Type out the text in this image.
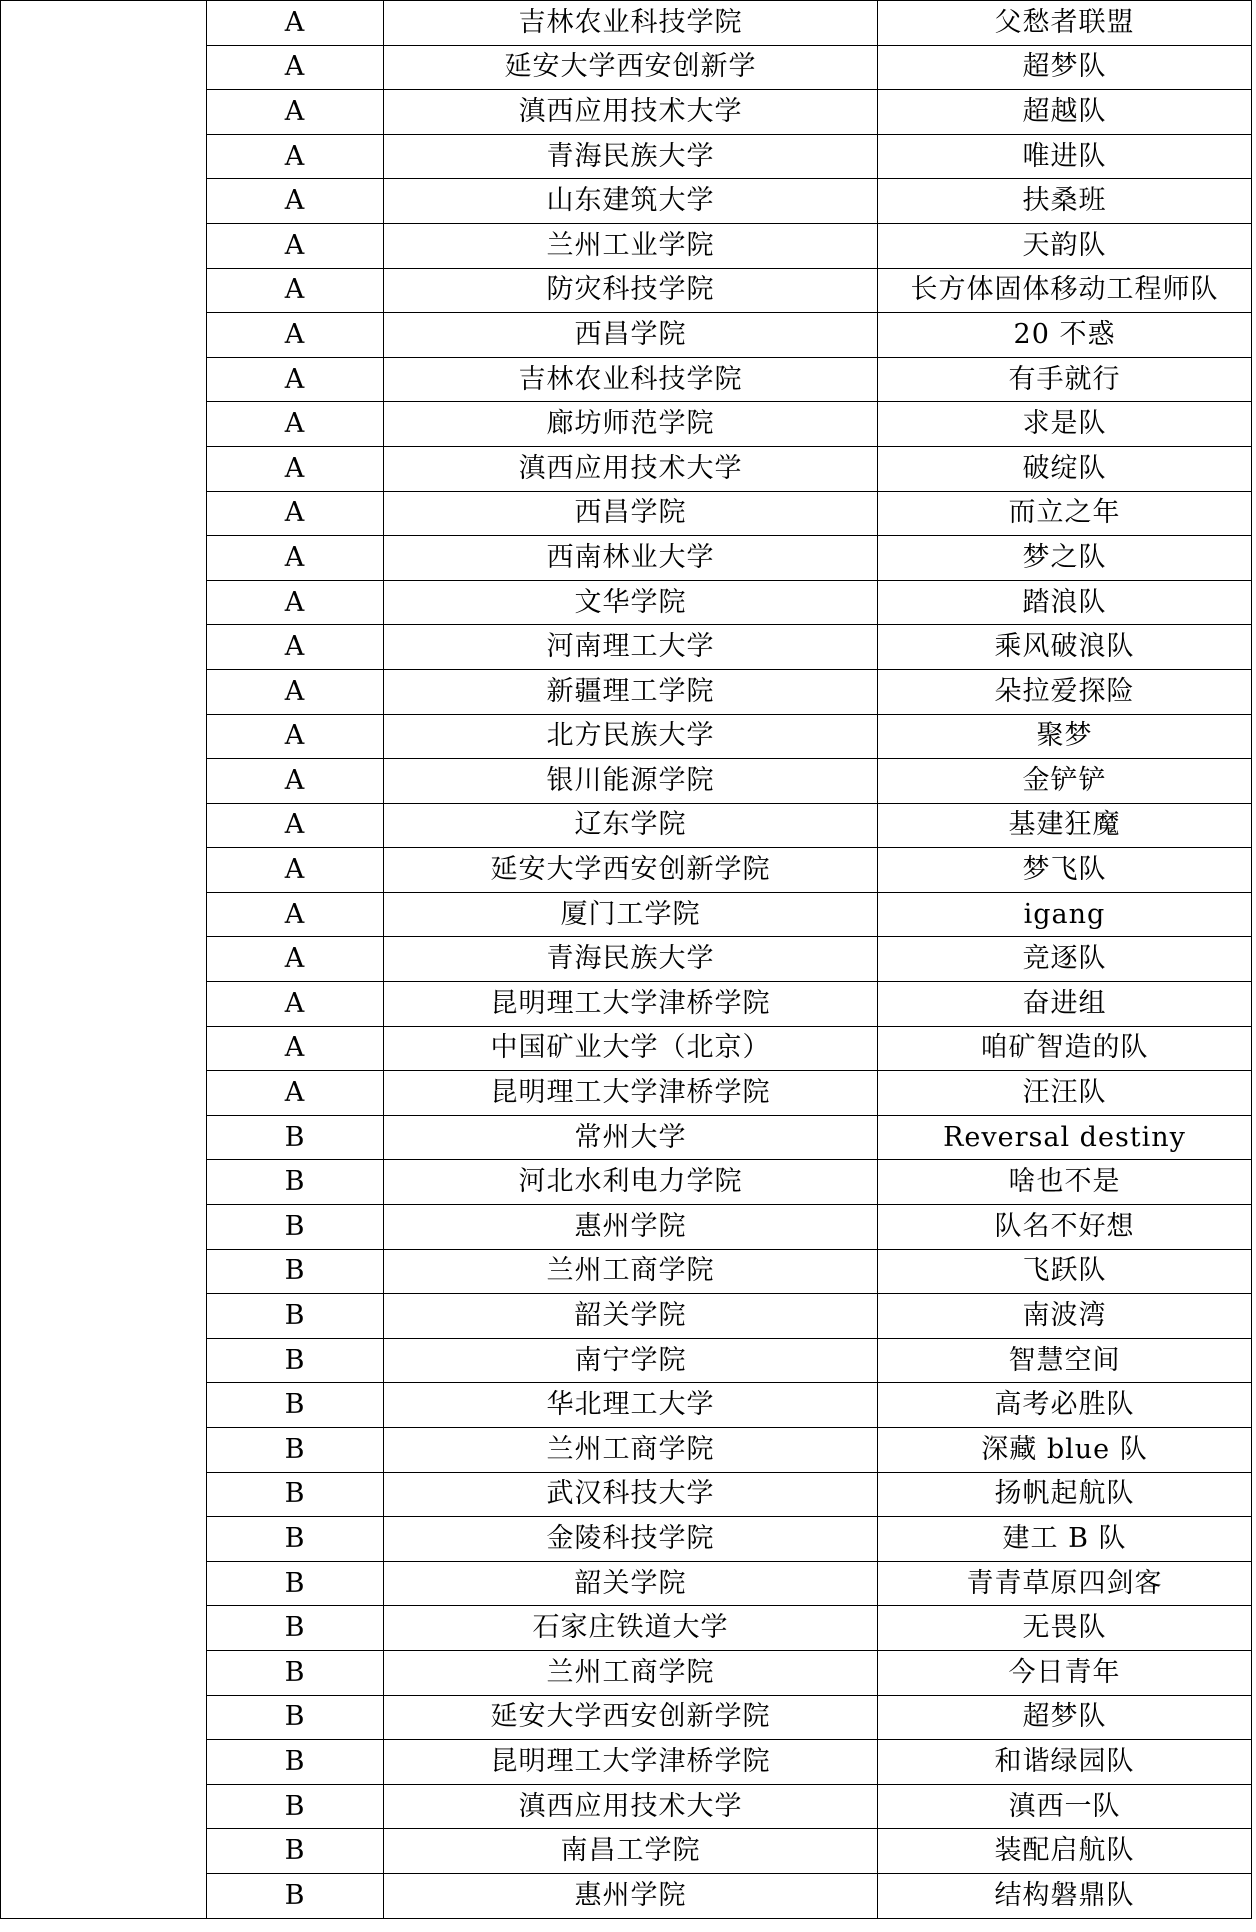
	A	吉林农业科技学院	父愁者联盟
	A	延安大学西安创新学	超梦队
	A	滇西应用技术大学	超越队
	A	青海民族大学	唯进队
	A	山东建筑大学	扶桑班
	A	兰州工业学院	天韵队
	A	防灾科技学院	长方体固体移动工程师队
	A	西昌学院	20 不惑
	A	吉林农业科技学院	有手就行
	A	廊坊师范学院	求是队
	A	滇西应用技术大学	破绽队
	A	西昌学院	而立之年
	A	西南林业大学	梦之队
	A	文华学院	踏浪队
	A	河南理工大学	乘风破浪队
	A	新疆理工学院	朵拉爱探险
	A	北方民族大学	聚梦
	A	银川能源学院	金铲铲
	A	辽东学院	基建狂魔
	A	延安大学西安创新学院	梦飞队
	A	厦门工学院	igang
	A	青海民族大学	竞逐队
	A	昆明理工大学津桥学院	奋进组
	A	中国矿业大学（北京）	咱矿智造的队
	A	昆明理工大学津桥学院	汪汪队
	B	常州大学	Reversal destiny
	B	河北水利电力学院	啥也不是
	B	惠州学院	队名不好想
	B	兰州工商学院	飞跃队
	B	韶关学院	南波湾
	B	南宁学院	智慧空间
	B	华北理工大学	高考必胜队
	B	兰州工商学院	深藏 blue 队
	B	武汉科技大学	扬帆起航队
	B	金陵科技学院	建工 B 队
	B	韶关学院	青青草原四剑客
	B	石家庄铁道大学	无畏队
	B	兰州工商学院	今日青年
	B	延安大学西安创新学院	超梦队
	B	昆明理工大学津桥学院	和谐绿园队
	B	滇西应用技术大学	滇西一队
	B	南昌工学院	装配启航队
	B	惠州学院	结构磐鼎队
